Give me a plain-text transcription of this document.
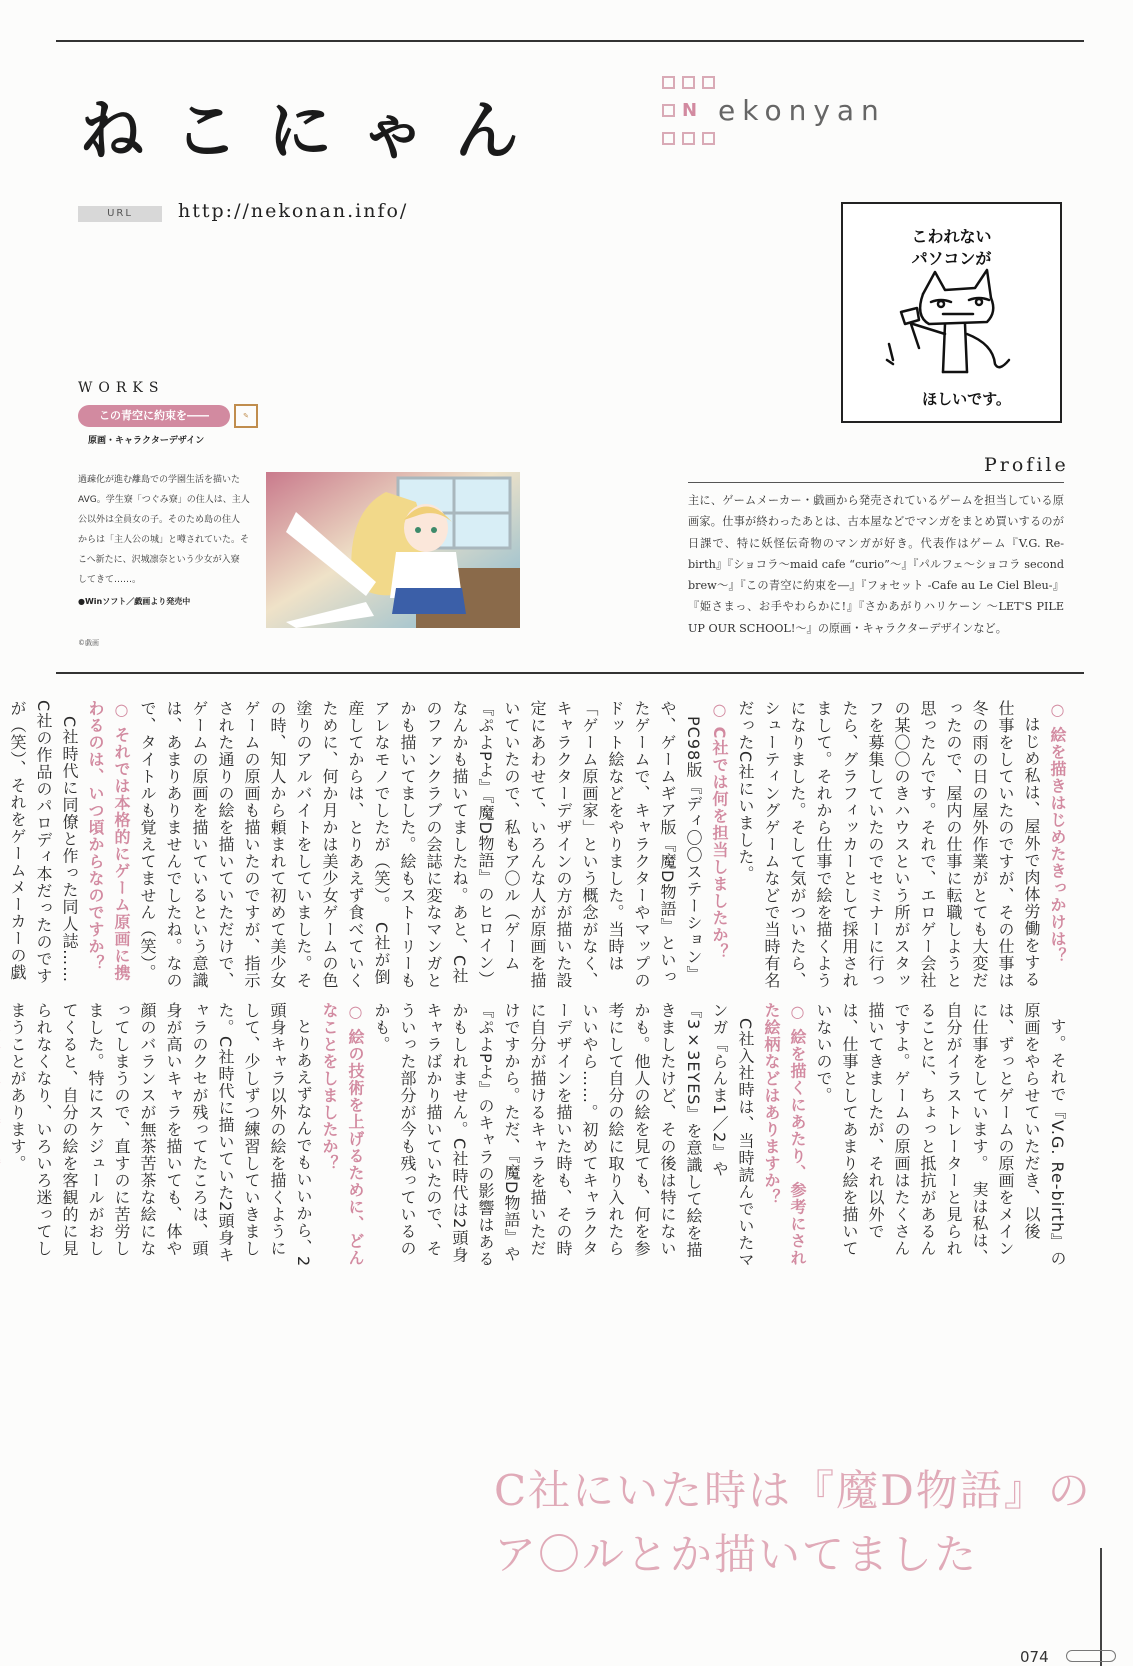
ねこにゃん	N ekonyan
URL	http://nekonan.info/
こわれない
パソコンが
ほしいです。
WORKS
この青空に約束を――	✎
原画・キャラクターデザイン
過疎化が進む離島での学園生活を描いた
AVG。学生寮「つぐみ寮」の住人は、主人
公以外は全員女の子。そのため島の住人
からは「主人公の城」と噂されていた。そ
こへ新たに、沢城凛奈という少女が入寮
してきて……。
●Winソフト／戯画より発売中
©戯画
Profile
主に、ゲームメーカー・戯画から発売されているゲームを担当している原画家。仕事が終わったあとは、古本屋などでマンガをまとめ買いするのが日課で、特に妖怪伝奇物のマンガが好き。代表作はゲーム『V.G. Re-birth』『ショコラ～maid cafe “curio”～』『パルフェ～ショコラ second brew～』『この青空に約束を―』『フォセット -Cafe au Le Ciel Bleu-』『姫さまっ、お手やわらかに!』『さかあがりハリケーン ～LET'S PILE UP OUR SCHOOL!～』の原画・キャラクターデザインなど。
○ 絵を描きはじめたきっかけは？
はじめ私は、屋外で肉体労働をする仕事をしていたのですが、その仕事は冬の雨の日の屋外作業がとても大変だったので、屋内の仕事に転職しようと思ったんです。それで、エロゲー会社の某〇〇のきハウスという所がスタッフを募集していたのでセミナーに行ったら、グラフィッカーとして採用されまして。それから仕事で絵を描くようになりました。そして気がついたら、シューティングゲームなどで当時有名だったC社にいました。
○ C社では何を担当しましたか？
PC98版『ディ〇〇ステーション』や、ゲームギア版『魔D物語』といったゲームで、キャラクターやマップのドット絵などをやりました。当時は「ゲーム原画家」という概念がなく、キャラクターデザインの方が描いた設定にあわせて、いろんな人が原画を描いていたので、私もア〇ル（ゲーム『ぷよPよ』『魔D物語』のヒロイン）なんかも描いてましたね。あと、C社のファンクラブの会誌に変なマンガとかも描いてました。絵もストーリーもアレなモノでしたが（笑）。　C社が倒産してからは、とりあえず食べていくために、何か月かは美少女ゲームの色塗りのアルバイトをしていました。その時、知人から頼まれて初めて美少女ゲームの原画も描いたのですが、指示された通りの絵を描いていただけで、ゲームの原画を描いているという意識は、あまりありませんでしたね。なので、タイトルも覚えてません（笑）。
○ それでは本格的にゲーム原画に携わるのは、いつ頃からなのですか？
C社時代に同僚と作った同人誌……C社の作品のパロディ本だったのですが（笑）、それをゲームメーカーの戯
す。それで『V.G. Re-birth』の原画をやらせていただき、以後は、ずっとゲームの原画をメインに仕事をしています。　実は私は、自分がイラストレーターと見られることに、ちょっと抵抗があるんですよ。ゲームの原画はたくさん描いてきましたが、それ以外では、仕事としてあまり絵を描いていないので。
○ 絵を描くにあたり、参考にされた絵柄などはありますか？
C社入社時は、当時読んでいたマンガ『らんま1／2』や『3×3EYES』を意識して絵を描きましたけど、その後は特にないかも。他人の絵を見ても、何を参考にして自分の絵に取り入れたらいいやら……。初めてキャラクターデザインを描いた時も、その時に自分が描けるキャラを描いただけですから。ただ、『魔D物語』や『ぷよPよ』のキャラの影響はあるかもしれません。C社時代は2頭身キャラばかり描いていたので、そういった部分が今も残っているのかも。
○ 絵の技術を上げるために、どんなことをしましたか？
とりあえずなんでもいいから、2頭身キャラ以外の絵を描くようにして、少しずつ練習していきました。C社時代に描いていた2頭身キャラのクセが残ってたころは、頭身が高いキャラを描いても、体や顔のバランスが無茶苦茶な絵になってしまうので、直すのに苦労しました。特にスケジュールがおしてくると、自分の絵を客観的に見られなくなり、いろいろ迷ってしまうことがあります。
○
C社にいた時は『魔D物語』の
ア〇ルとか描いてました
074
